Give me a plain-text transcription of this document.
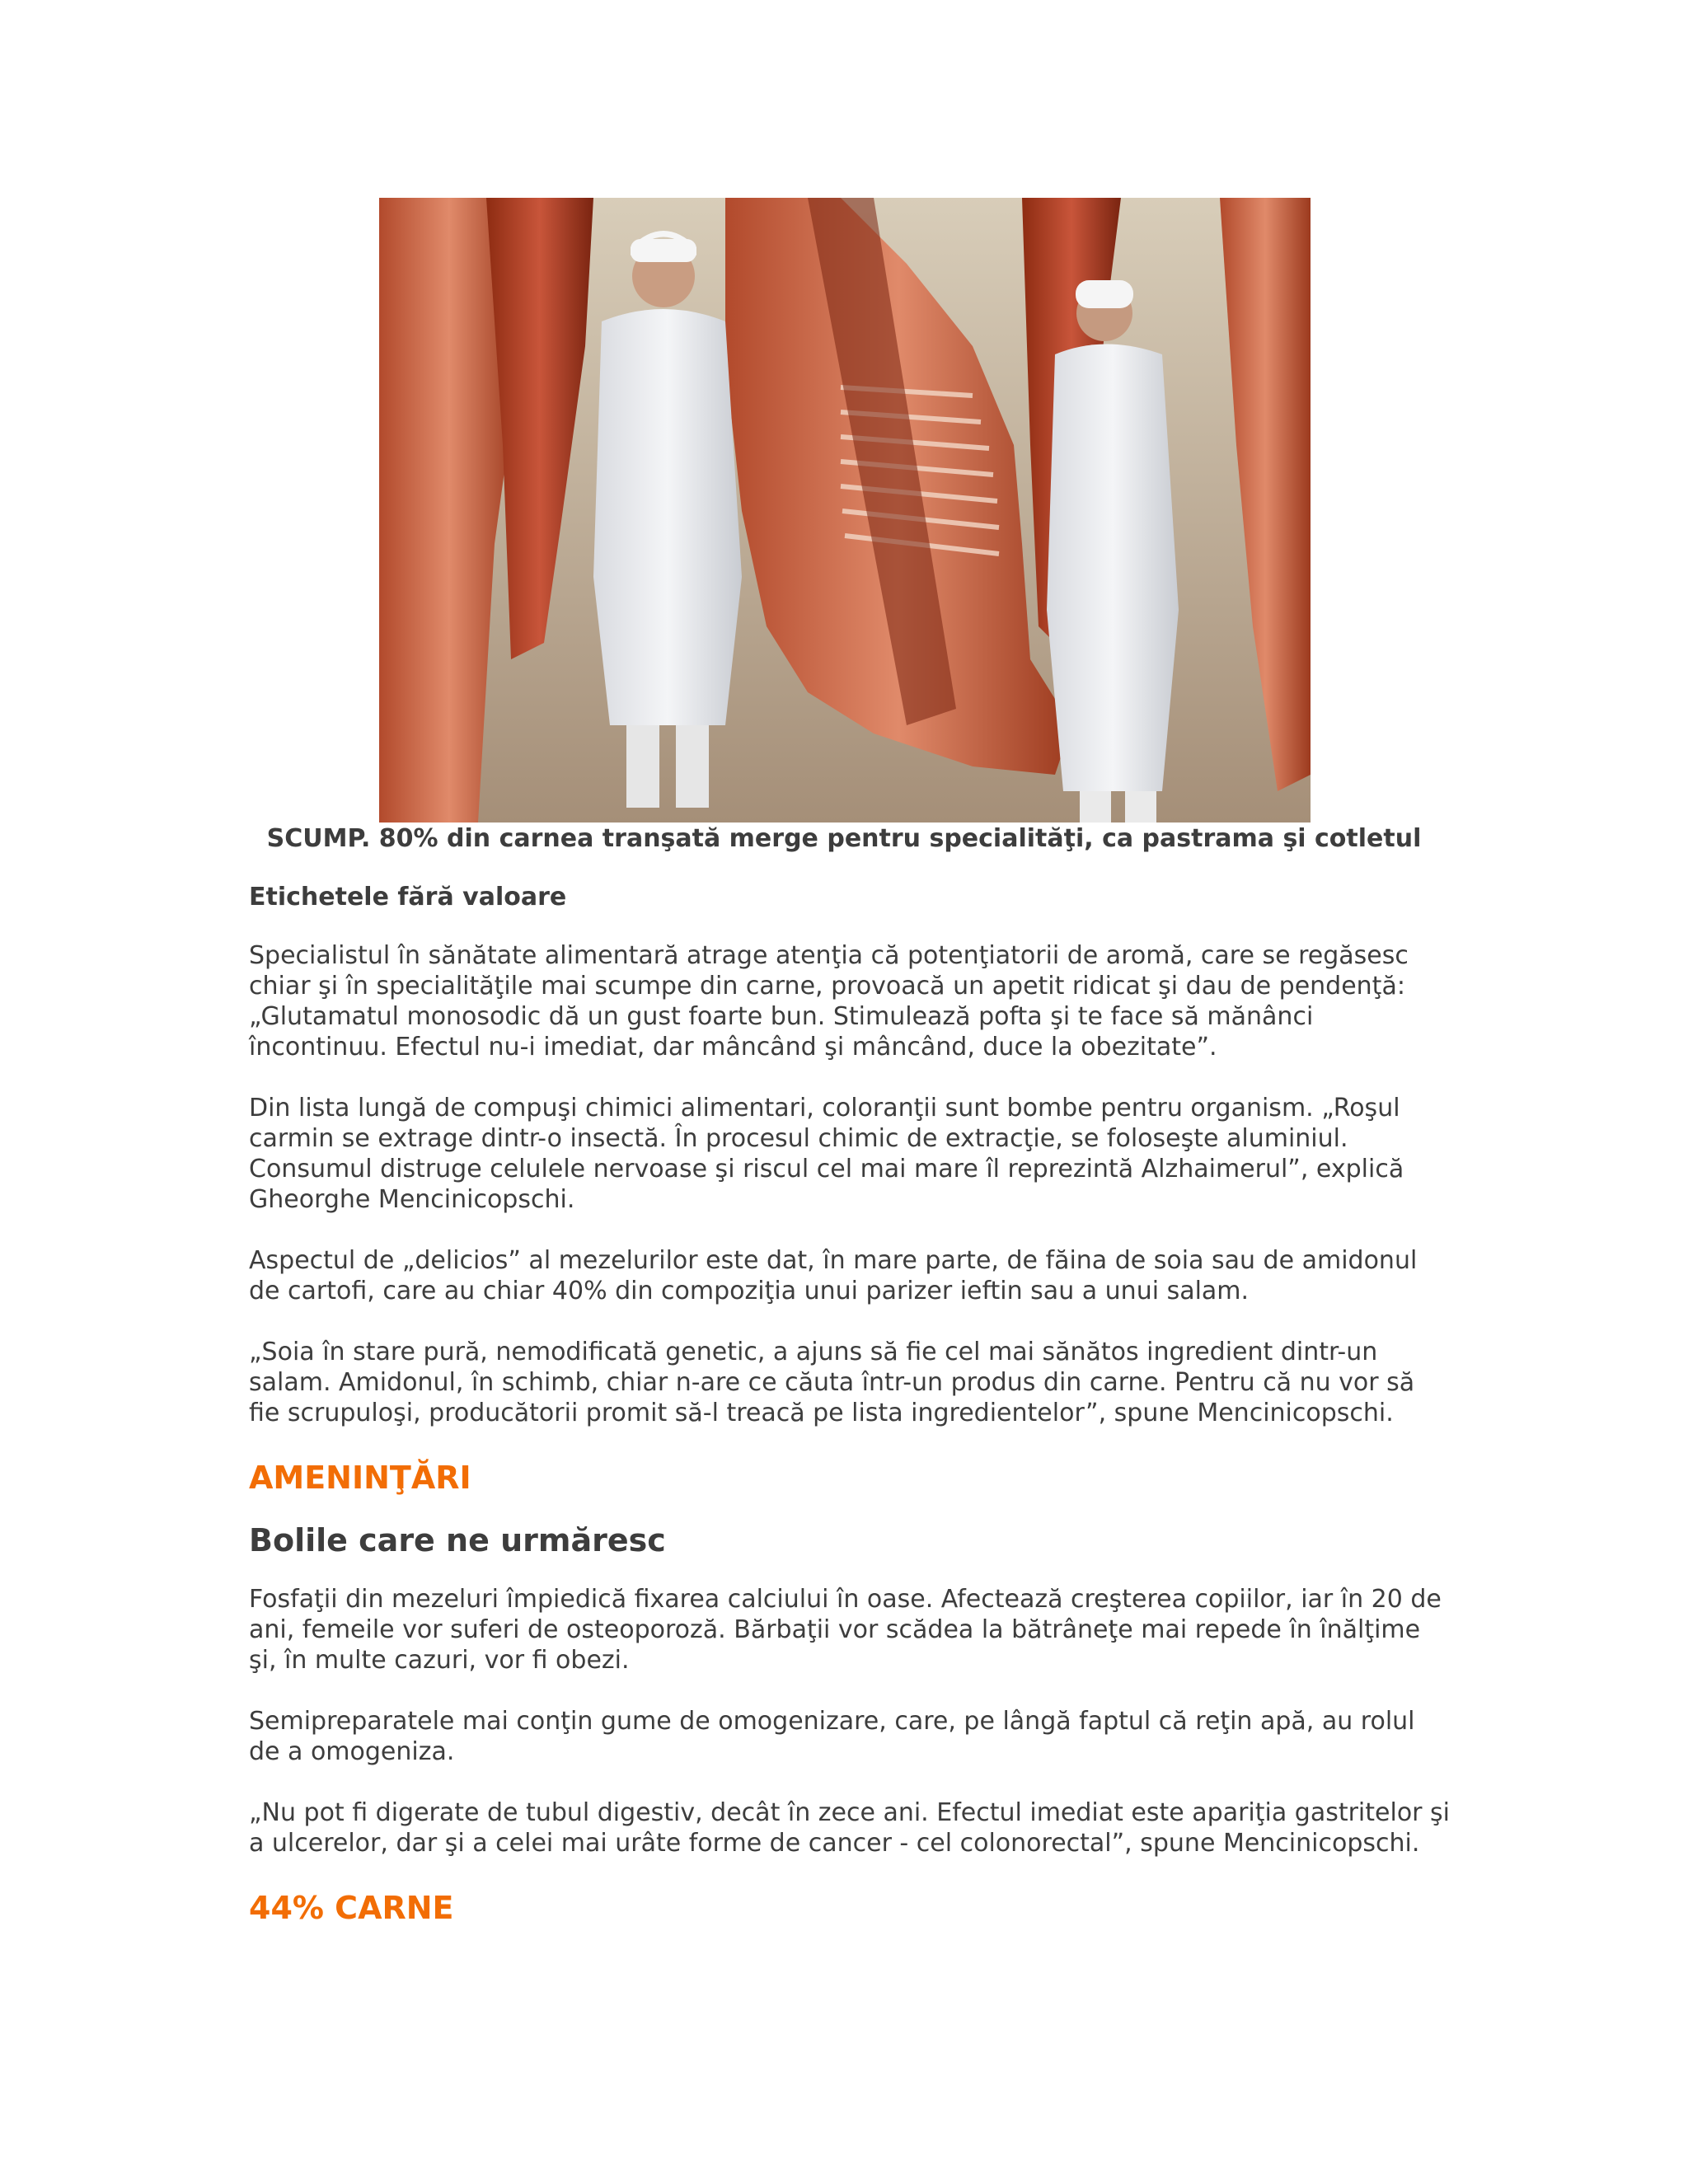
SCUMP. 80% din carnea tranşată merge pentru specialităţi, ca pastrama şi cotletul
Etichetele fără valoare

Specialistul în sănătate alimentară atrage atenţia că potenţiatorii de aromă, care se regăsesc chiar şi în specialităţile mai scumpe din carne, provoacă un apetit ridicat şi dau de pendenţă: „Glutamatul monosodic dă un gust foarte bun. Stimulează pofta şi te face să mănânci încontinuu. Efectul nu-i imediat, dar mâncând şi mâncând, duce la obezitate”.

Din lista lungă de compuşi chimici alimentari, coloranţii sunt bombe pentru organism. „Roşul carmin se extrage dintr-o insectă. În procesul chimic de extracţie, se foloseşte aluminiul. Consumul distruge celulele nervoase şi riscul cel mai mare îl reprezintă Alzhaimerul”, explică Gheorghe Mencinicopschi.

Aspectul de „delicios” al mezelurilor este dat, în mare parte, de făina de soia sau de amidonul de cartofi, care au chiar 40% din compoziţia unui parizer ieftin sau a unui salam.

„Soia în stare pură, nemodificată genetic, a ajuns să fie cel mai sănătos ingredient dintr-un salam. Amidonul, în schimb, chiar n-are ce căuta într-un produs din carne. Pentru că nu vor să fie scrupuloşi, producătorii promit să-l treacă pe lista ingredientelor”, spune Mencinicopschi.

AMENINŢĂRI
Bolile care ne urmăresc

Fosfaţii din mezeluri împiedică fixarea calciului în oase. Afectează creşterea copiilor, iar în 20 de ani, femeile vor suferi de osteoporoză. Bărbaţii vor scădea la bătrâneţe mai repede în înălţime şi, în multe cazuri, vor fi obezi.

Semipreparatele mai conţin gume de omogenizare, care, pe lângă faptul că reţin apă, au rolul de a omogeniza.

„Nu pot fi digerate de tubul digestiv, decât în zece ani. Efectul imediat este apariţia gastritelor şi a ulcerelor, dar şi a celei mai urâte forme de cancer - cel colonorectal”, spune Mencinicopschi.

44% CARNE
